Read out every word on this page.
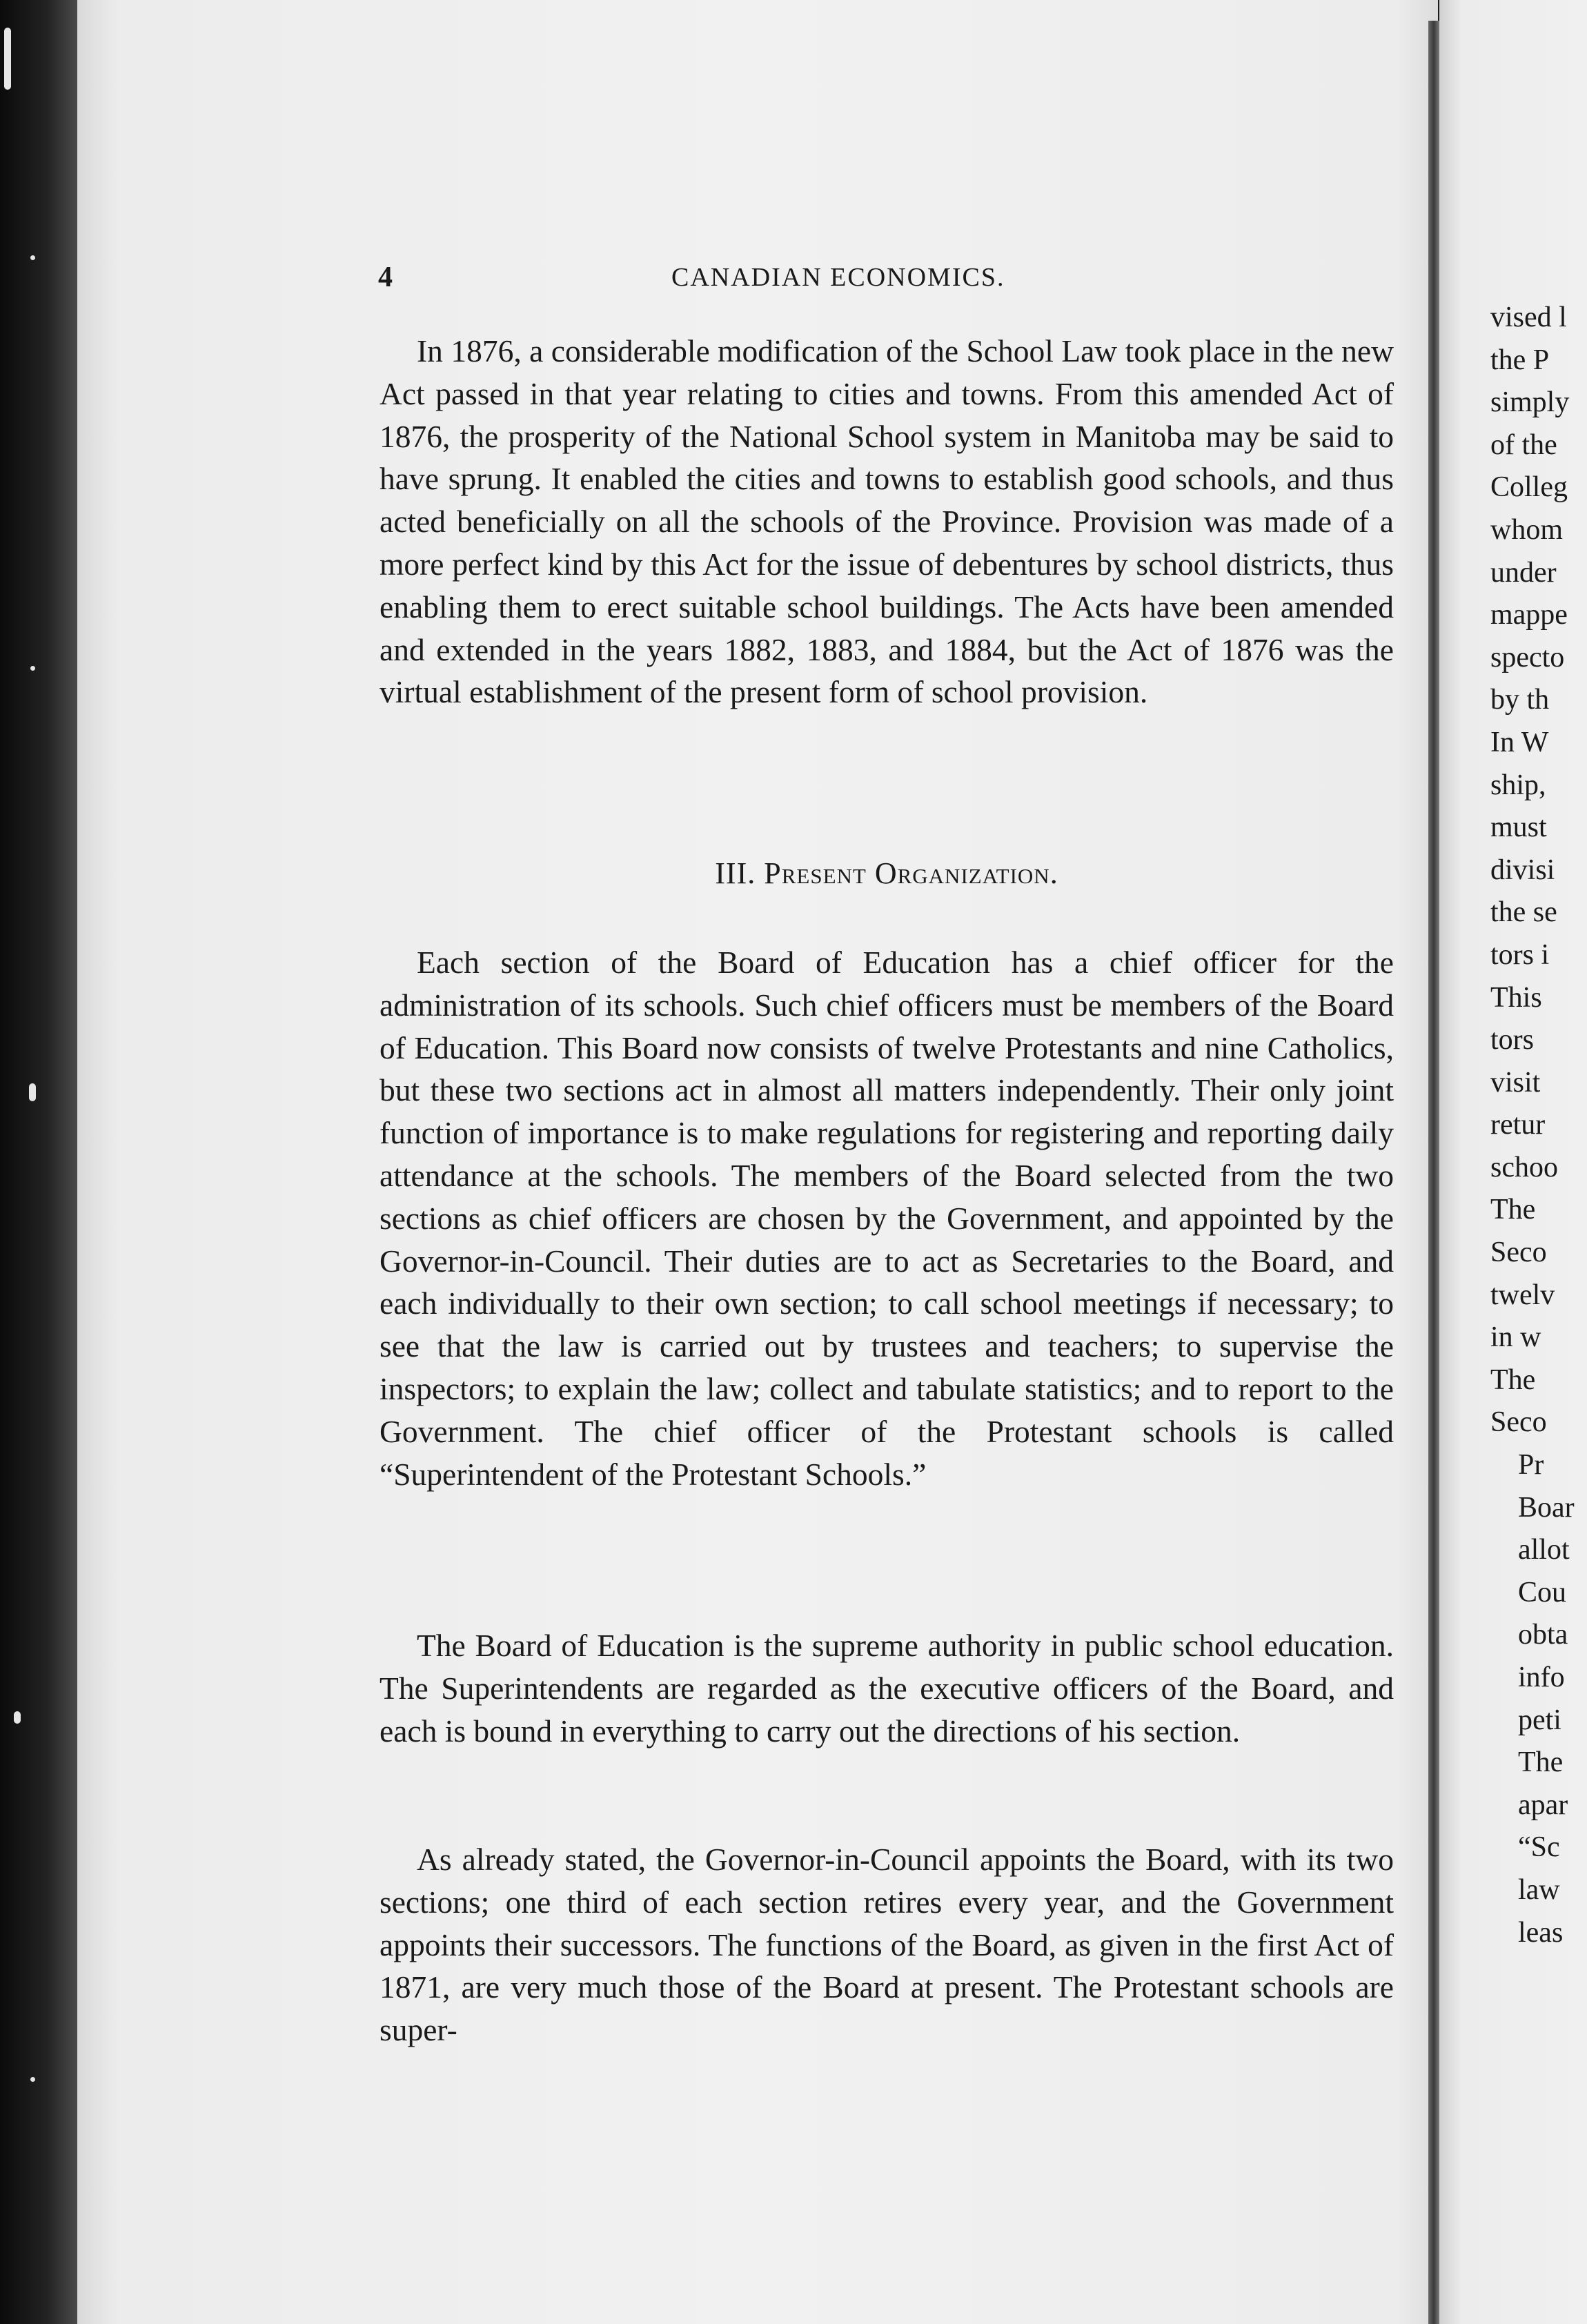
4	CANADIAN ECONOMICS.

In 1876, a considerable modification of the School Law took place in the new Act passed in that year relating to cities and towns. From this amended Act of 1876, the prosperity of the National School system in Manitoba may be said to have sprung. It enabled the cities and towns to establish good schools, and thus acted beneficially on all the schools of the Province. Provision was made of a more perfect kind by this Act for the issue of debentures by school districts, thus enabling them to erect suitable school buildings. The Acts have been amended and extended in the years 1882, 1883, and 1884, but the Act of 1876 was the virtual establishment of the present form of school provision.

III. Present Organization.

Each section of the Board of Education has a chief officer for the administration of its schools. Such chief officers must be members of the Board of Education. This Board now consists of twelve Protestants and nine Catholics, but these two sections act in almost all matters independently. Their only joint function of importance is to make regulations for registering and reporting daily attendance at the schools. The members of the Board selected from the two sections as chief officers are chosen by the Government, and appointed by the Governor-in-Council. Their duties are to act as Secretaries to the Board, and each individually to their own section; to call school meetings if necessary; to see that the law is carried out by trustees and teachers; to supervise the inspectors; to explain the law; collect and tabulate statistics; and to report to the Government. The chief officer of the Protestant schools is called “Superintendent of the Protestant Schools.”

The Board of Education is the supreme authority in public school education. The Superintendents are regarded as the executive officers of the Board, and each is bound in everything to carry out the directions of his section.

As already stated, the Governor-in-Council appoints the Board, with its two sections; one third of each section retires every year, and the Government appoints their successors. The functions of the Board, as given in the first Act of 1871, are very much those of the Board at present. The Protestant schools are super-

vised l
the P
simply
of the
Colleg
whom
under
mappe
specto
by th
In W
ship,
must
divisi
the se
tors i
This
tors
visit
retur
schoo
The
Seco
twelv
in w
The
Seco
Pr
Boar
allot
Cou
obta
info
peti
The
apar
“Sc
law
leas
